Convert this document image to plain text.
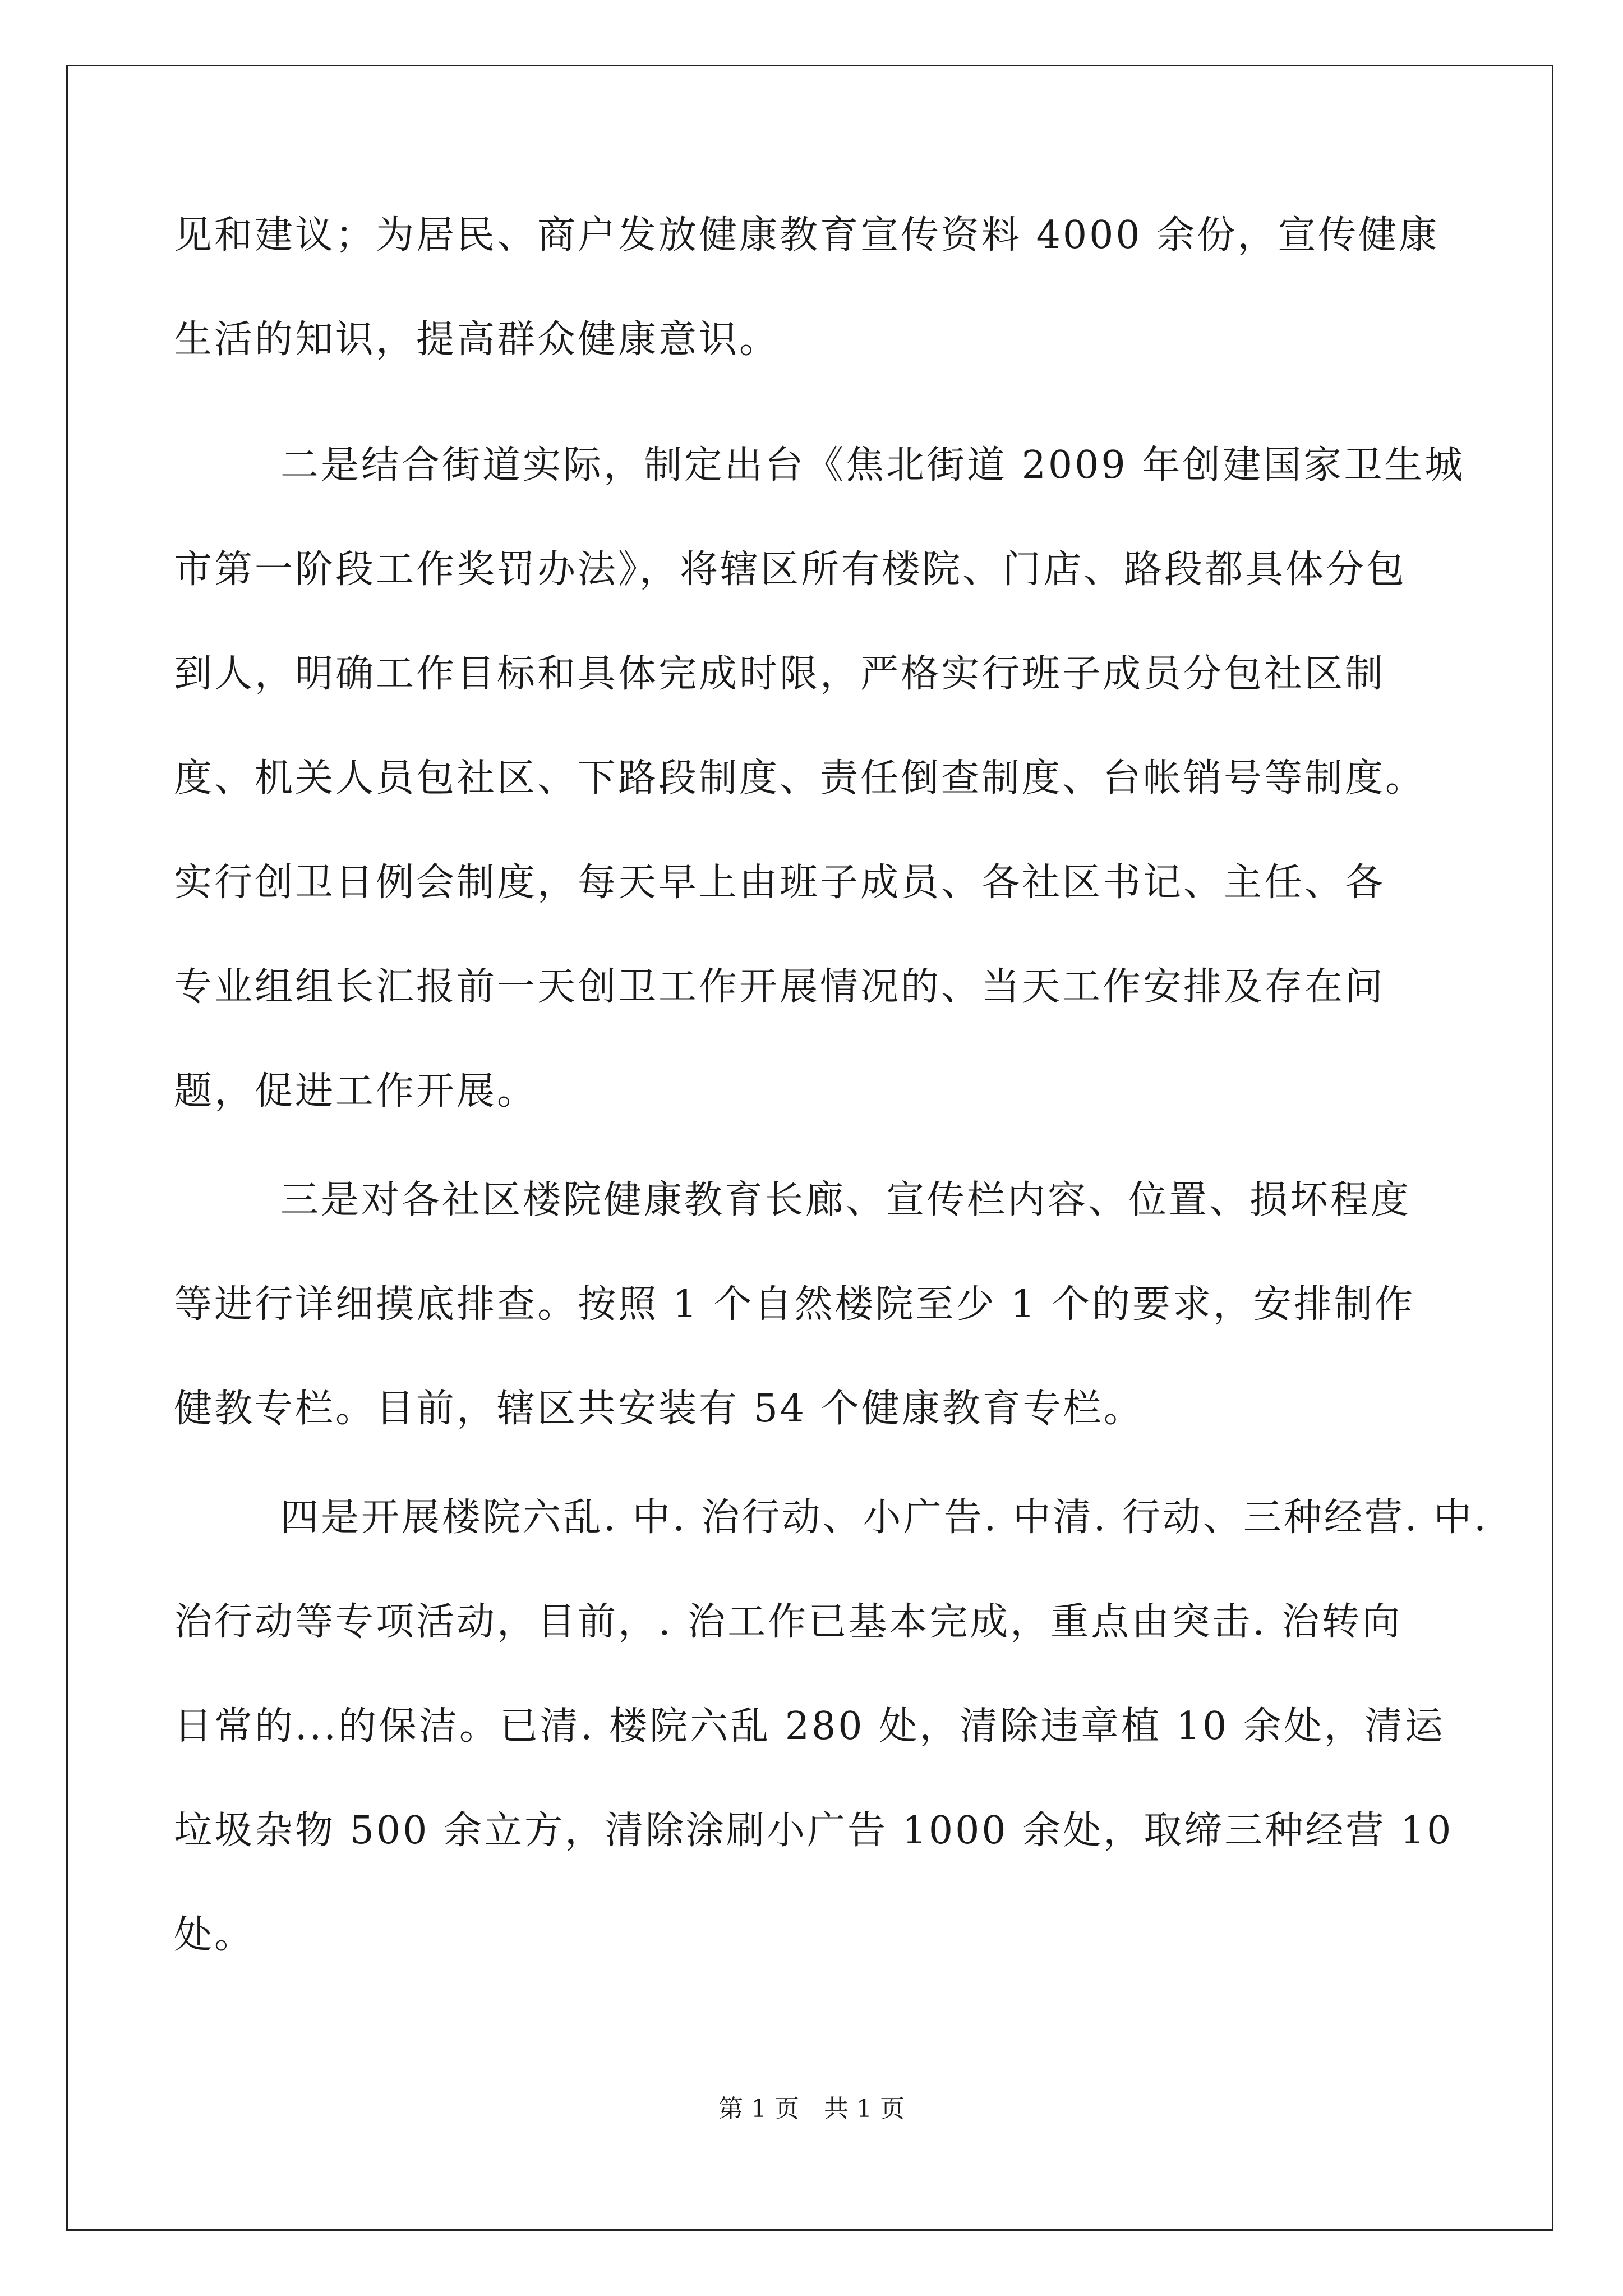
见和建议；为居民、商户发放健康教育宣传资料 4000 余份，宣传健康
生活的知识，提高群众健康意识。
二是结合街道实际，制定出台《焦北街道 2009 年创建国家卫生城
市第一阶段工作奖罚办法》，将辖区所有楼院、门店、路段都具体分包
到人，明确工作目标和具体完成时限，严格实行班子成员分包社区制
度、机关人员包社区、下路段制度、责任倒查制度、台帐销号等制度。
实行创卫日例会制度，每天早上由班子成员、各社区书记、主任、各
专业组组长汇报前一天创卫工作开展情况的、当天工作安排及存在问
题，促进工作开展。
三是对各社区楼院健康教育长廊、宣传栏内容、位置、损坏程度
等进行详细摸底排查。按照 1 个自然楼院至少 1 个的要求，安排制作
健教专栏。目前，辖区共安装有 54 个健康教育专栏。
四是开展楼院六乱. 中. 治行动、小广告. 中清. 行动、三种经营. 中.
治行动等专项活动，目前，. 治工作已基本完成，重点由突击. 治转向
日常的...的保洁。已清. 楼院六乱 280 处，清除违章植 10 余处，清运
垃圾杂物 500 余立方，清除涂刷小广告 1000 余处，取缔三种经营 10
处。
第 1 页　共 1 页
